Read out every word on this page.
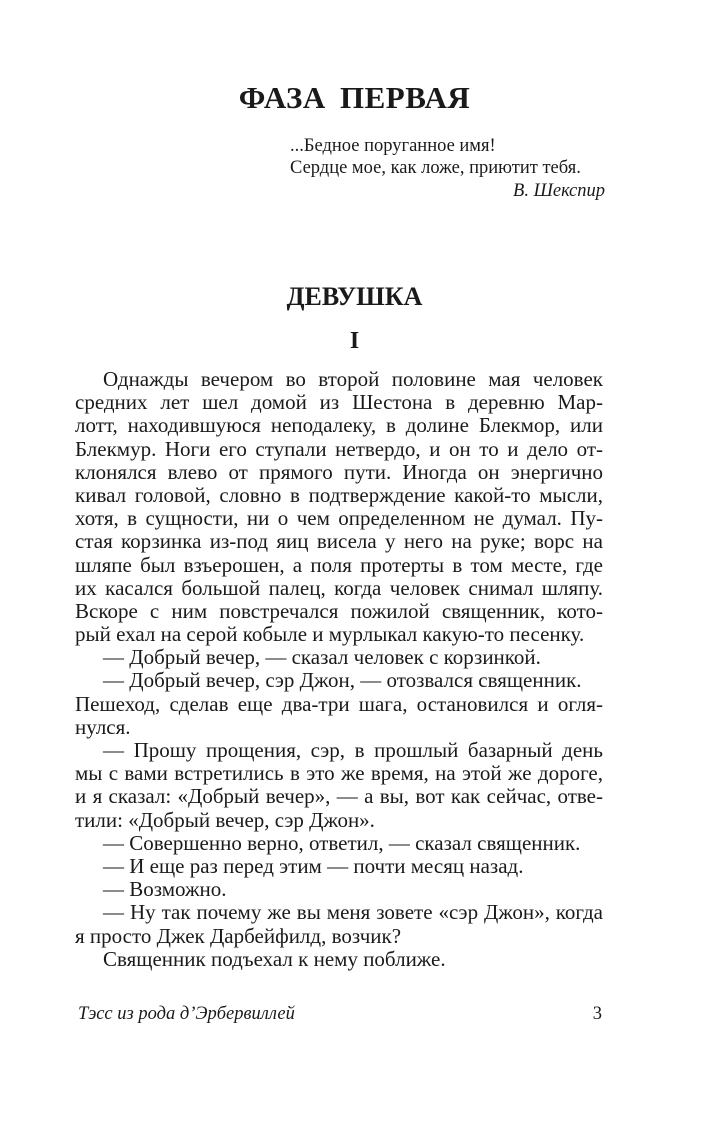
ФАЗА ПЕРВАЯ
...Бедное поруганное имя!
Сердце мое, как ложе, приютит тебя.
В. Шекспир
ДЕВУШКА
I
Однажды вечером во второй половине мая человек
средних лет шел домой из Шестона в деревню Мар-
лотт, находившуюся неподалеку, в долине Блекмор, или
Блекмур. Ноги его ступали нетвердо, и он то и дело от-
клонялся влево от прямого пути. Иногда он энергично
кивал головой, словно в подтверждение какой-то мысли,
хотя, в сущности, ни о чем определенном не думал. Пу-
стая корзинка из-под яиц висела у него на руке; ворс на
шляпе был взъерошен, а поля протерты в том месте, где
их касался большой палец, когда человек снимал шляпу.
Вскоре с ним повстречался пожилой священник, кото-
рый ехал на серой кобыле и мурлыкал какую-то песенку.
— Добрый вечер, — сказал человек с корзинкой.
— Добрый вечер, сэр Джон, — отозвался священник.
Пешеход, сделав еще два-три шага, остановился и огля-
нулся.
— Прошу прощения, сэр, в прошлый базарный день
мы с вами встретились в это же время, на этой же дороге,
и я сказал: «Добрый вечер», — а вы, вот как сейчас, отве-
тили: «Добрый вечер, сэр Джон».
— Совершенно верно, ответил, — сказал священник.
— И еще раз перед этим — почти месяц назад.
— Возможно.
— Ну так почему же вы меня зовете «сэр Джон», когда
я просто Джек Дарбейфилд, возчик?
Священник подъехал к нему поближе.
Тэсс из рода д’Эрбервиллей	3
